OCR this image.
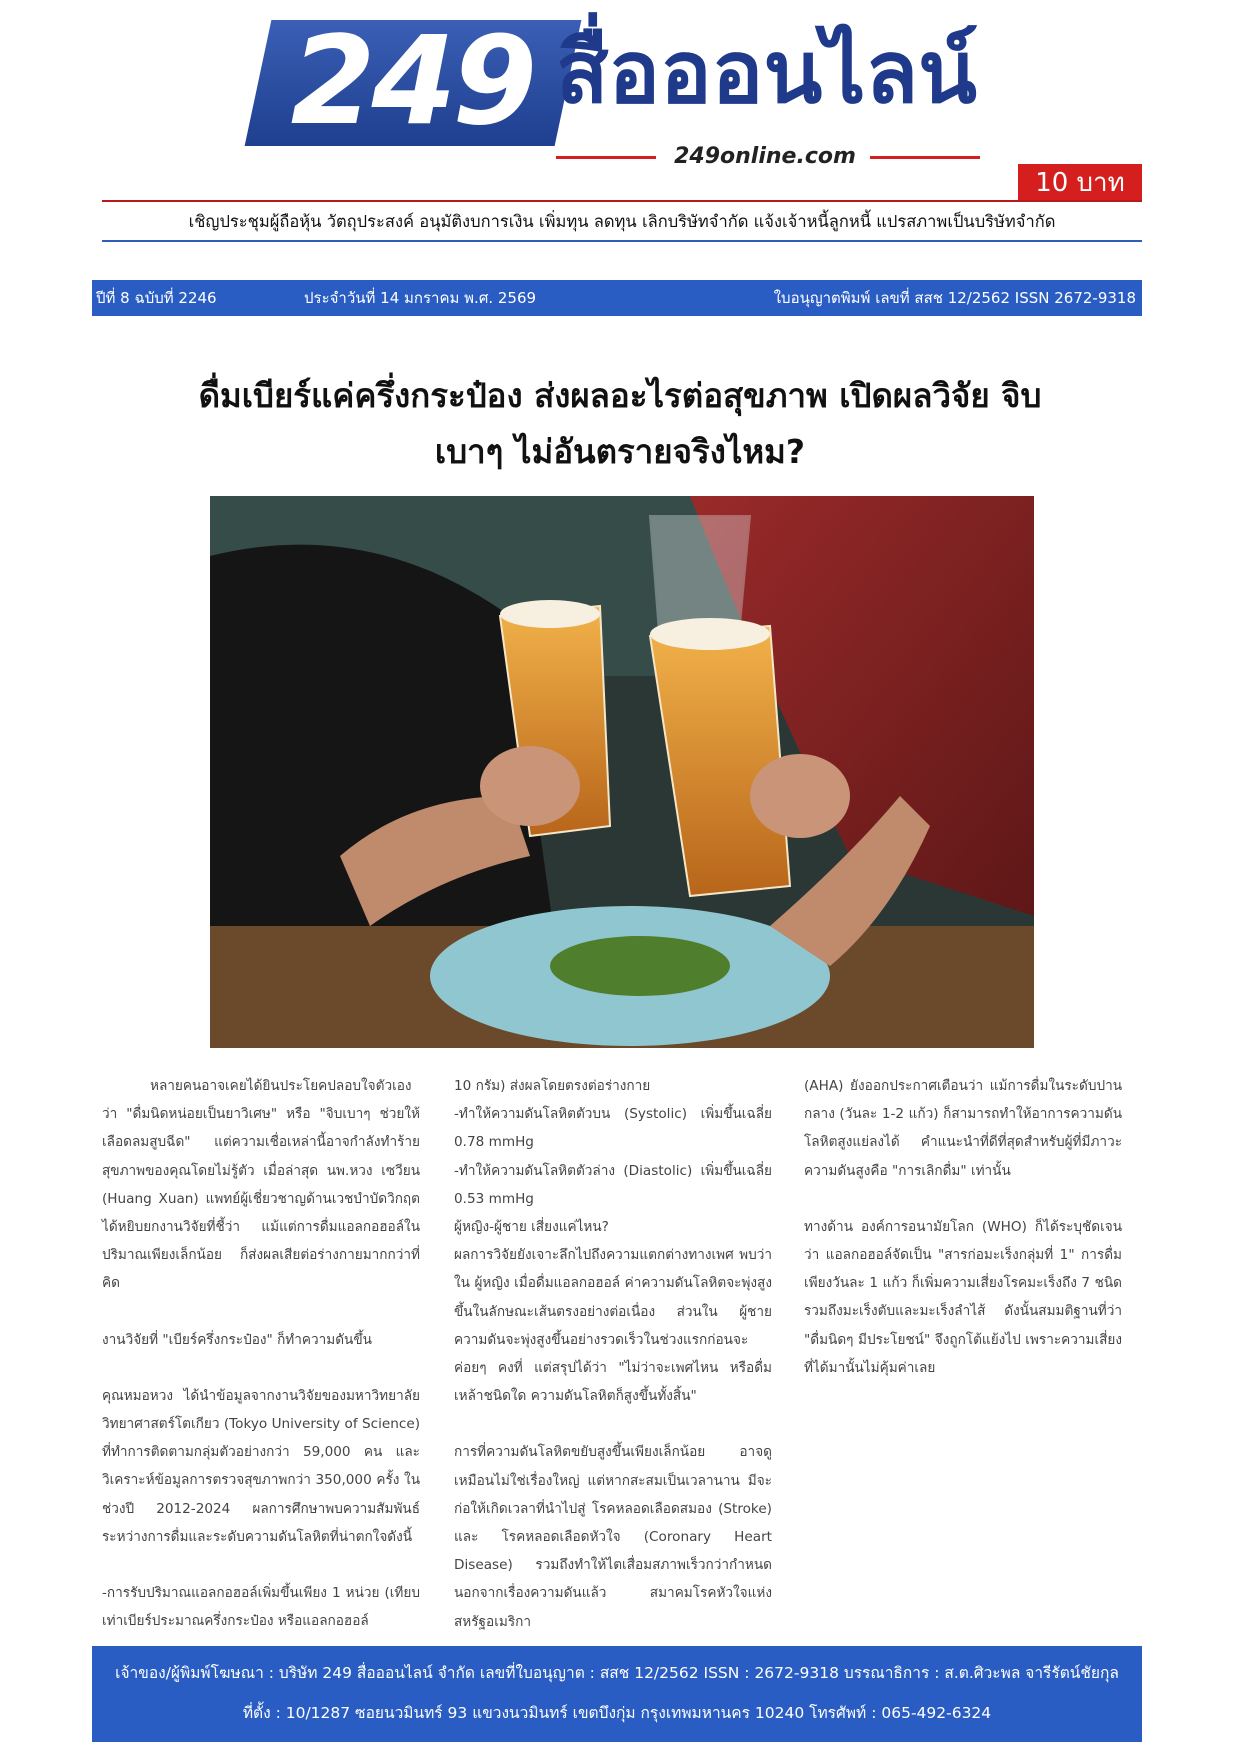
249 สื่อออนไลน์
249online.com
10 บาท
เชิญประชุมผู้ถือหุ้น วัตถุประสงค์ อนุมัติงบการเงิน เพิ่มทุน ลดทุน เลิกบริษัทจำกัด แจ้งเจ้าหนี้ลูกหนี้ แปรสภาพเป็นบริษัทจำกัด
ปีที่ 8 ฉบับที่ 2246	ประจำวันที่ 14 มกราคม พ.ศ. 2569	ใบอนุญาตพิมพ์ เลขที่ สสช 12/2562 ISSN 2672-9318
ดื่มเบียร์แค่ครึ่งกระป๋อง ส่งผลอะไรต่อสุขภาพ เปิดผลวิจัย จิบ
เบาๆ ไม่อันตรายจริงไหม?

หลายคนอาจเคยได้ยินประโยคปลอบใจตัวเองว่า "ดื่มนิดหน่อยเป็นยาวิเศษ" หรือ "จิบเบาๆ ช่วยให้เลือดลมสูบฉีด" แต่ความเชื่อเหล่านี้อาจกำลังทำร้ายสุขภาพของคุณโดยไม่รู้ตัว เมื่อล่าสุด นพ.หวง เซวียน (Huang Xuan) แพทย์ผู้เชี่ยวชาญด้านเวชบำบัดวิกฤต ได้หยิบยกงานวิจัยที่ชี้ว่า แม้แต่การดื่มแอลกอฮอล์ในปริมาณเพียงเล็กน้อย ก็ส่งผลเสียต่อร่างกายมากกว่าที่คิด

งานวิจัยที่ "เบียร์ครึ่งกระป๋อง" ก็ทำความดันขึ้น

คุณหมอหวง ได้นำข้อมูลจากงานวิจัยของมหาวิทยาลัยวิทยาศาสตร์โตเกียว (Tokyo University of Science) ที่ทำการติดตามกลุ่มตัวอย่างกว่า 59,000 คน และวิเคราะห์ข้อมูลการตรวจสุขภาพกว่า 350,000 ครั้ง ในช่วงปี 2012-2024 ผลการศึกษาพบความสัมพันธ์ระหว่างการดื่มและระดับความดันโลหิตที่น่าตกใจดังนี้

-การรับปริมาณแอลกอฮอล์เพิ่มขึ้นเพียง 1 หน่วย (เทียบเท่าเบียร์ประมาณครึ่งกระป๋อง หรือแอลกอฮอล์

10 กรัม) ส่งผลโดยตรงต่อร่างกาย

-ทำให้ความดันโลหิตตัวบน (Systolic) เพิ่มขึ้นเฉลี่ย 0.78 mmHg

-ทำให้ความดันโลหิตตัวล่าง (Diastolic) เพิ่มขึ้นเฉลี่ย 0.53 mmHg

ผู้หญิง-ผู้ชาย เสี่ยงแค่ไหน?

ผลการวิจัยยังเจาะลึกไปถึงความแตกต่างทางเพศ พบว่าใน ผู้หญิง เมื่อดื่มแอลกอฮอล์ ค่าความดันโลหิตจะพุ่งสูงขึ้นในลักษณะเส้นตรงอย่างต่อเนื่อง ส่วนใน ผู้ชาย ความดันจะพุ่งสูงขึ้นอย่างรวดเร็วในช่วงแรกก่อนจะค่อยๆ คงที่ แต่สรุปได้ว่า "ไม่ว่าจะเพศไหน หรือดื่มเหล้าชนิดใด ความดันโลหิตก็สูงขึ้นทั้งสิ้น"

การที่ความดันโลหิตขยับสูงขึ้นเพียงเล็กน้อย อาจดูเหมือนไม่ใช่เรื่องใหญ่ แต่หากสะสมเป็นเวลานาน มีจะก่อให้เกิดเวลาที่นำไปสู่ โรคหลอดเลือดสมอง (Stroke) และ โรคหลอดเลือดหัวใจ (Coronary Heart Disease) รวมถึงทำให้ไตเสื่อมสภาพเร็วกว่ากำหนด นอกจากเรื่องความดันแล้ว สมาคมโรคหัวใจแห่งสหรัฐอเมริกา

(AHA) ยังออกประกาศเตือนว่า แม้การดื่มในระดับปานกลาง (วันละ 1-2 แก้ว) ก็สามารถทำให้อาการความดันโลหิตสูงแย่ลงได้ คำแนะนำที่ดีที่สุดสำหรับผู้ที่มีภาวะความดันสูงคือ "การเลิกดื่ม" เท่านั้น

ทางด้าน องค์การอนามัยโลก (WHO) ก็ได้ระบุชัดเจนว่า แอลกอฮอล์จัดเป็น "สารก่อมะเร็งกลุ่มที่ 1" การดื่มเพียงวันละ 1 แก้ว ก็เพิ่มความเสี่ยงโรคมะเร็งถึง 7 ชนิด รวมถึงมะเร็งตับและมะเร็งลำไส้ ดังนั้นสมมติฐานที่ว่า "ดื่มนิดๆ มีประโยชน์" จึงถูกโต้แย้งไป เพราะความเสี่ยงที่ได้มานั้นไม่คุ้มค่าเลย

เจ้าของ/ผู้พิมพ์โฆษณา : บริษัท 249 สื่อออนไลน์ จำกัด เลขที่ใบอนุญาต : สสช 12/2562 ISSN : 2672-9318 บรรณาธิการ : ส.ต.ศิวะพล จารีรัตน์ชัยกุล
ที่ตั้ง : 10/1287 ซอยนวมินทร์ 93 แขวงนวมินทร์ เขตบึงกุ่ม กรุงเทพมหานคร 10240 โทรศัพท์ : 065-492-6324
